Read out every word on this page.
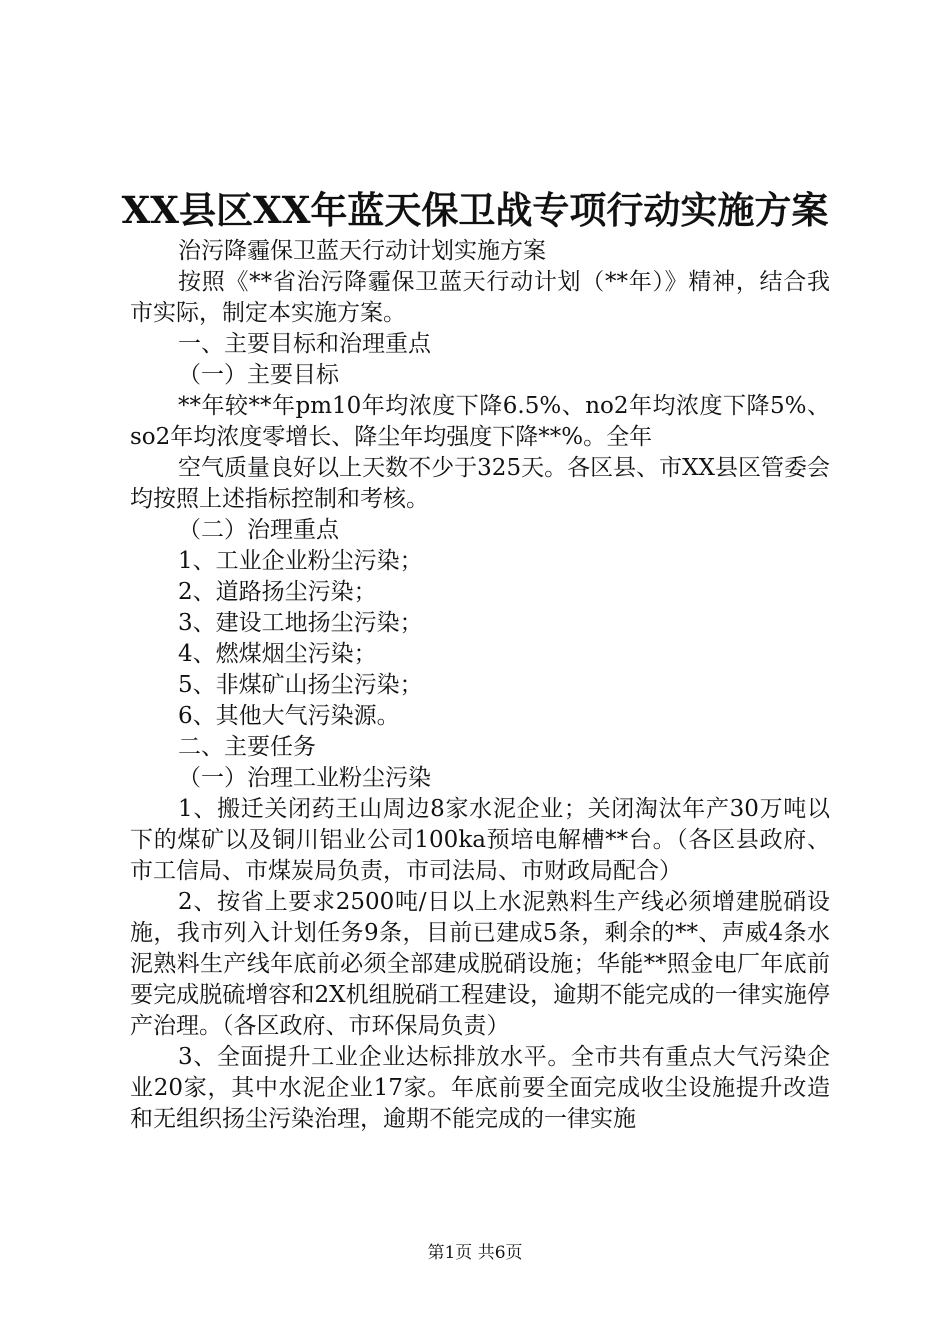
XX县区XX年蓝天保卫战专项行动实施方案

治污降霾保卫蓝天行动计划实施方案

按照《**省治污降霾保卫蓝天行动计划（**年）》精神，结合我市实际，制定本实施方案。

一、主要目标和治理重点

（一）主要目标

**年较**年pm10年均浓度下降6.5%、no2年均浓度下降5%、so2年均浓度零增长、降尘年均强度下降**%。全年

空气质量良好以上天数不少于325天。各区县、市XX县区管委会均按照上述指标控制和考核。

（二）治理重点

1、工业企业粉尘污染；

2、道路扬尘污染；

3、建设工地扬尘污染；

4、燃煤烟尘污染；

5、非煤矿山扬尘污染；

6、其他大气污染源。

二、主要任务

（一）治理工业粉尘污染

1、搬迁关闭药王山周边8家水泥企业；关闭淘汰年产30万吨以下的煤矿以及铜川铝业公司100ka预培电解槽**台。（各区县政府、市工信局、市煤炭局负责，市司法局、市财政局配合）

2、按省上要求2500吨/日以上水泥熟料生产线必须增建脱硝设施，我市列入计划任务9条，目前已建成5条，剩余的**、声威4条水泥熟料生产线年底前必须全部建成脱硝设施；华能**照金电厂年底前要完成脱硫增容和2X机组脱硝工程建设，逾期不能完成的一律实施停产治理。（各区政府、市环保局负责）

3、全面提升工业企业达标排放水平。全市共有重点大气污染企业20家，其中水泥企业17家。年底前要全面完成收尘设施提升改造和无组织扬尘污染治理，逾期不能完成的一律实施

第1页 共6页
